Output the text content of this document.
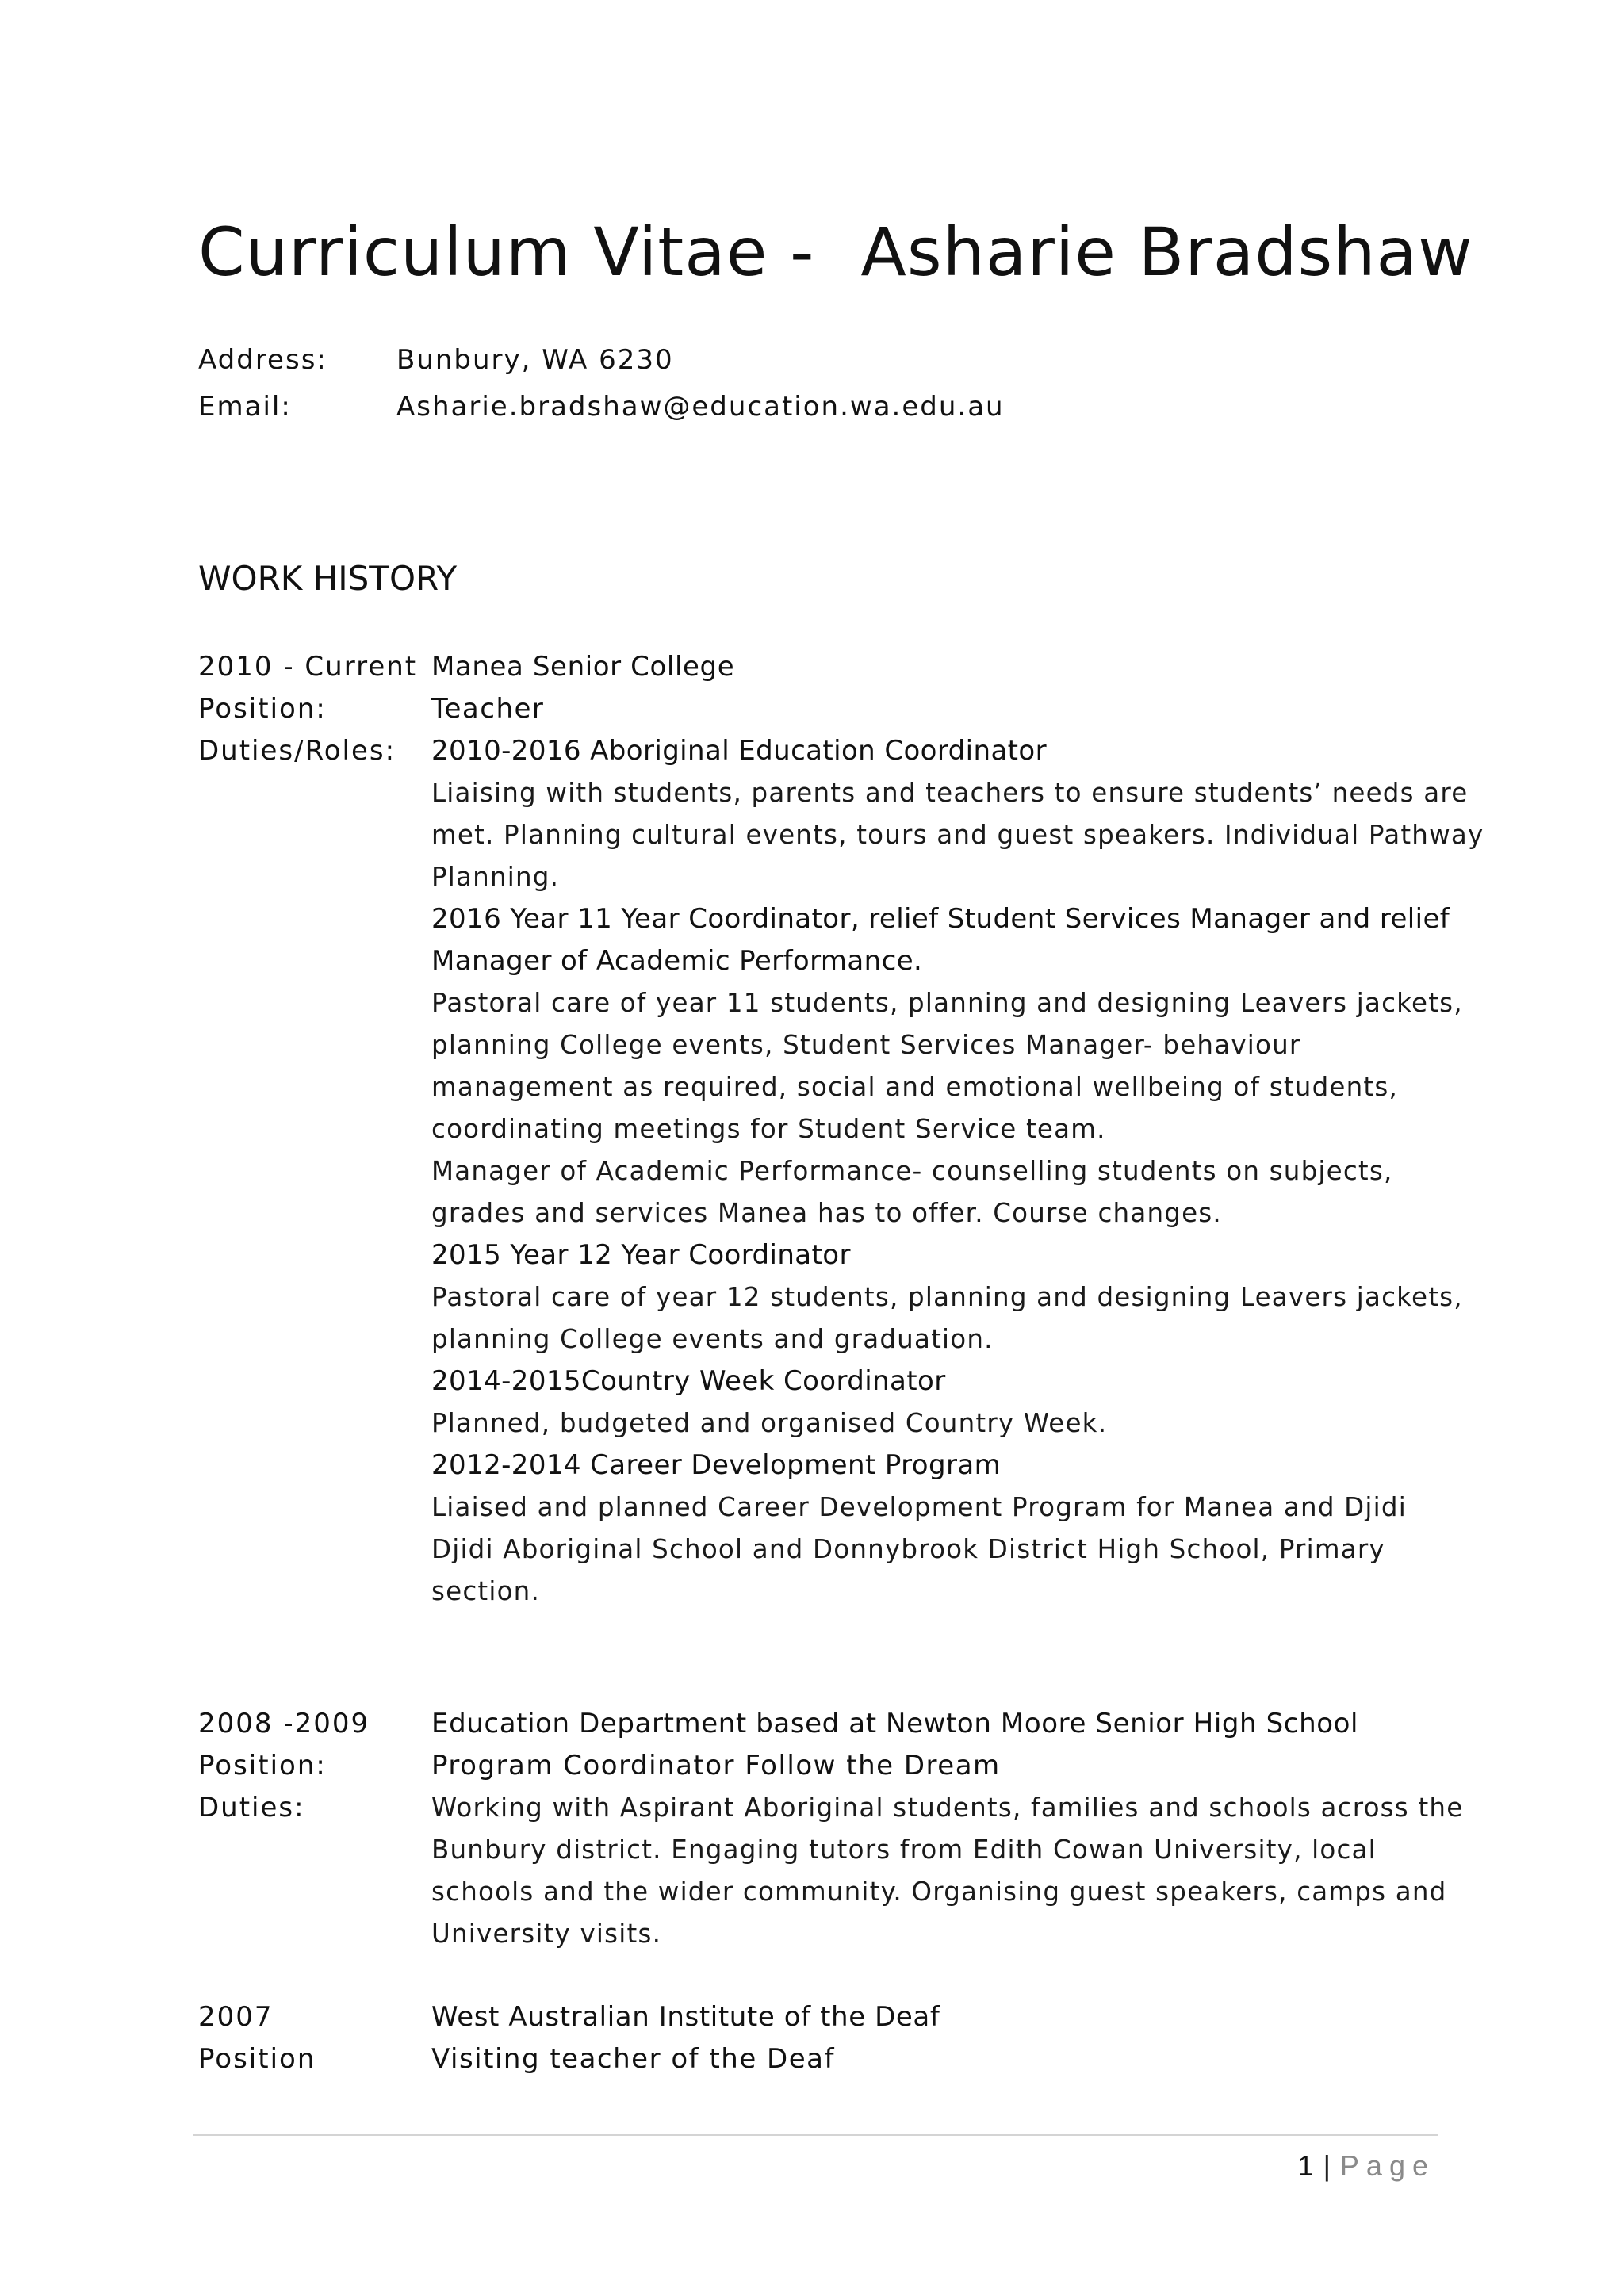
Curriculum Vitae - Asharie Bradshaw
Address:	Bunbury, WA 6230
Email:	Asharie.bradshaw@education.wa.edu.au
WORK HISTORY
2010 - Current Manea Senior College
Position:	Teacher
Duties/Roles:	2010-2016 Aboriginal Education Coordinator
Liaising with students, parents and teachers to ensure students’ needs are
met. Planning cultural events, tours and guest speakers. Individual Pathway
Planning.
2016 Year 11 Year Coordinator, relief Student Services Manager and relief
Manager of Academic Performance.
Pastoral care of year 11 students, planning and designing Leavers jackets,
planning College events, Student Services Manager- behaviour
management as required, social and emotional wellbeing of students,
coordinating meetings for Student Service team.
Manager of Academic Performance- counselling students on subjects,
grades and services Manea has to offer. Course changes.
2015 Year 12 Year Coordinator
Pastoral care of year 12 students, planning and designing Leavers jackets,
planning College events and graduation.
2014-2015Country Week Coordinator
Planned, budgeted and organised Country Week.
2012-2014 Career Development Program
Liaised and planned Career Development Program for Manea and Djidi
Djidi Aboriginal School and Donnybrook District High School, Primary
section.
2008 -2009	Education Department based at Newton Moore Senior High School
Position:	Program Coordinator Follow the Dream
Duties:	Working with Aspirant Aboriginal students, families and schools across the
Bunbury district. Engaging tutors from Edith Cowan University, local
schools and the wider community. Organising guest speakers, camps and
University visits.
2007	West Australian Institute of the Deaf
Position	Visiting teacher of the Deaf
1 | Page
